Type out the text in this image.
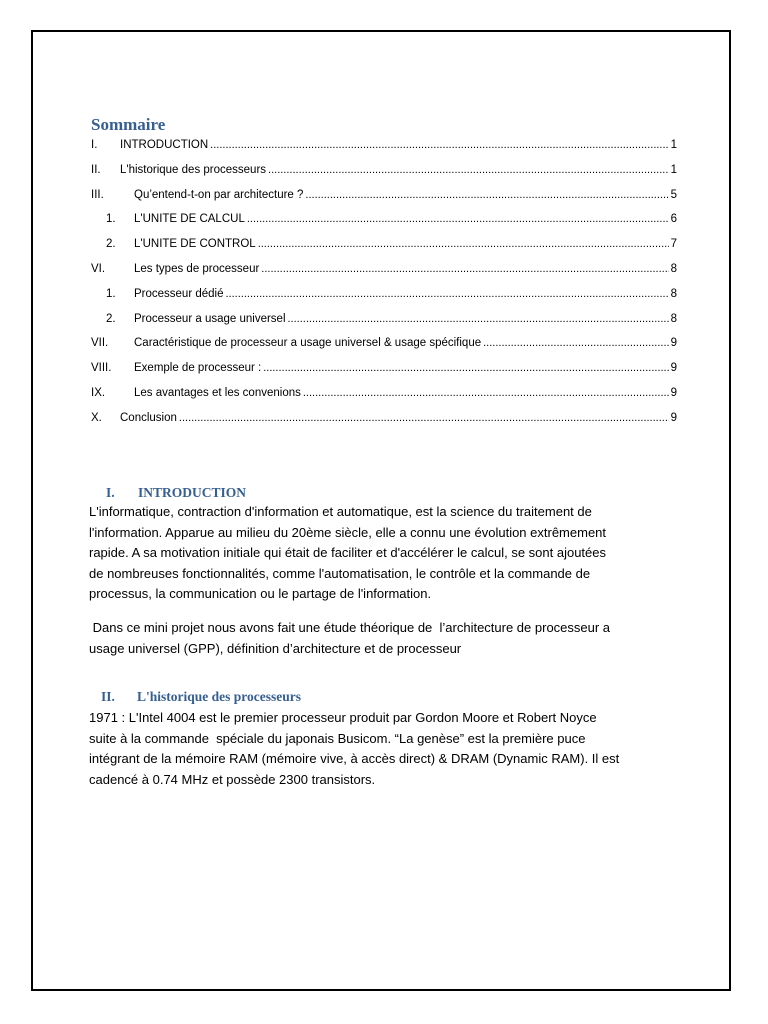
Sommaire
I.	INTRODUCTION .....	1
II.	L'historique des processeurs .....	1
III.	Qu’entend-t-on par architecture ? .....	5
1.	L'UNITE DE CALCUL .....	6
2.	L'UNITE DE CONTROL .....	7
VI.	Les types de processeur .....	8
1.	Processeur dédié .....	8
2.	Processeur a usage universel .....	8
VII.	Caractéristique de processeur a usage universel & usage spécifique .....	9
VIII.	Exemple de processeur : .....	9
IX.	Les avantages et les convenions .....	9
X.	Conclusion .....	9
I.	INTRODUCTION

L'informatique, contraction d'information et automatique, est la science du traitement de
l'information. Apparue au milieu du 20ème siècle, elle a connu une évolution extrêmement
rapide. A sa motivation initiale qui était de faciliter et d'accélérer le calcul, se sont ajoutées
de nombreuses fonctionnalités, comme l'automatisation, le contrôle et la commande de
processus, la communication ou le partage de l'information.

Dans ce mini projet nous avons fait une étude théorique de  l’architecture de processeur a
usage universel (GPP), définition d’architecture et de processeur

II.	L'historique des processeurs

1971 : L'Intel 4004 est le premier processeur produit par Gordon Moore et Robert Noyce
suite à la commande  spéciale du japonais Busicom. “La genèse” est la première puce
intégrant de la mémoire RAM (mémoire vive, à accès direct) & DRAM (Dynamic RAM). Il est
cadencé à 0.74 MHz et possède 2300 transistors.
